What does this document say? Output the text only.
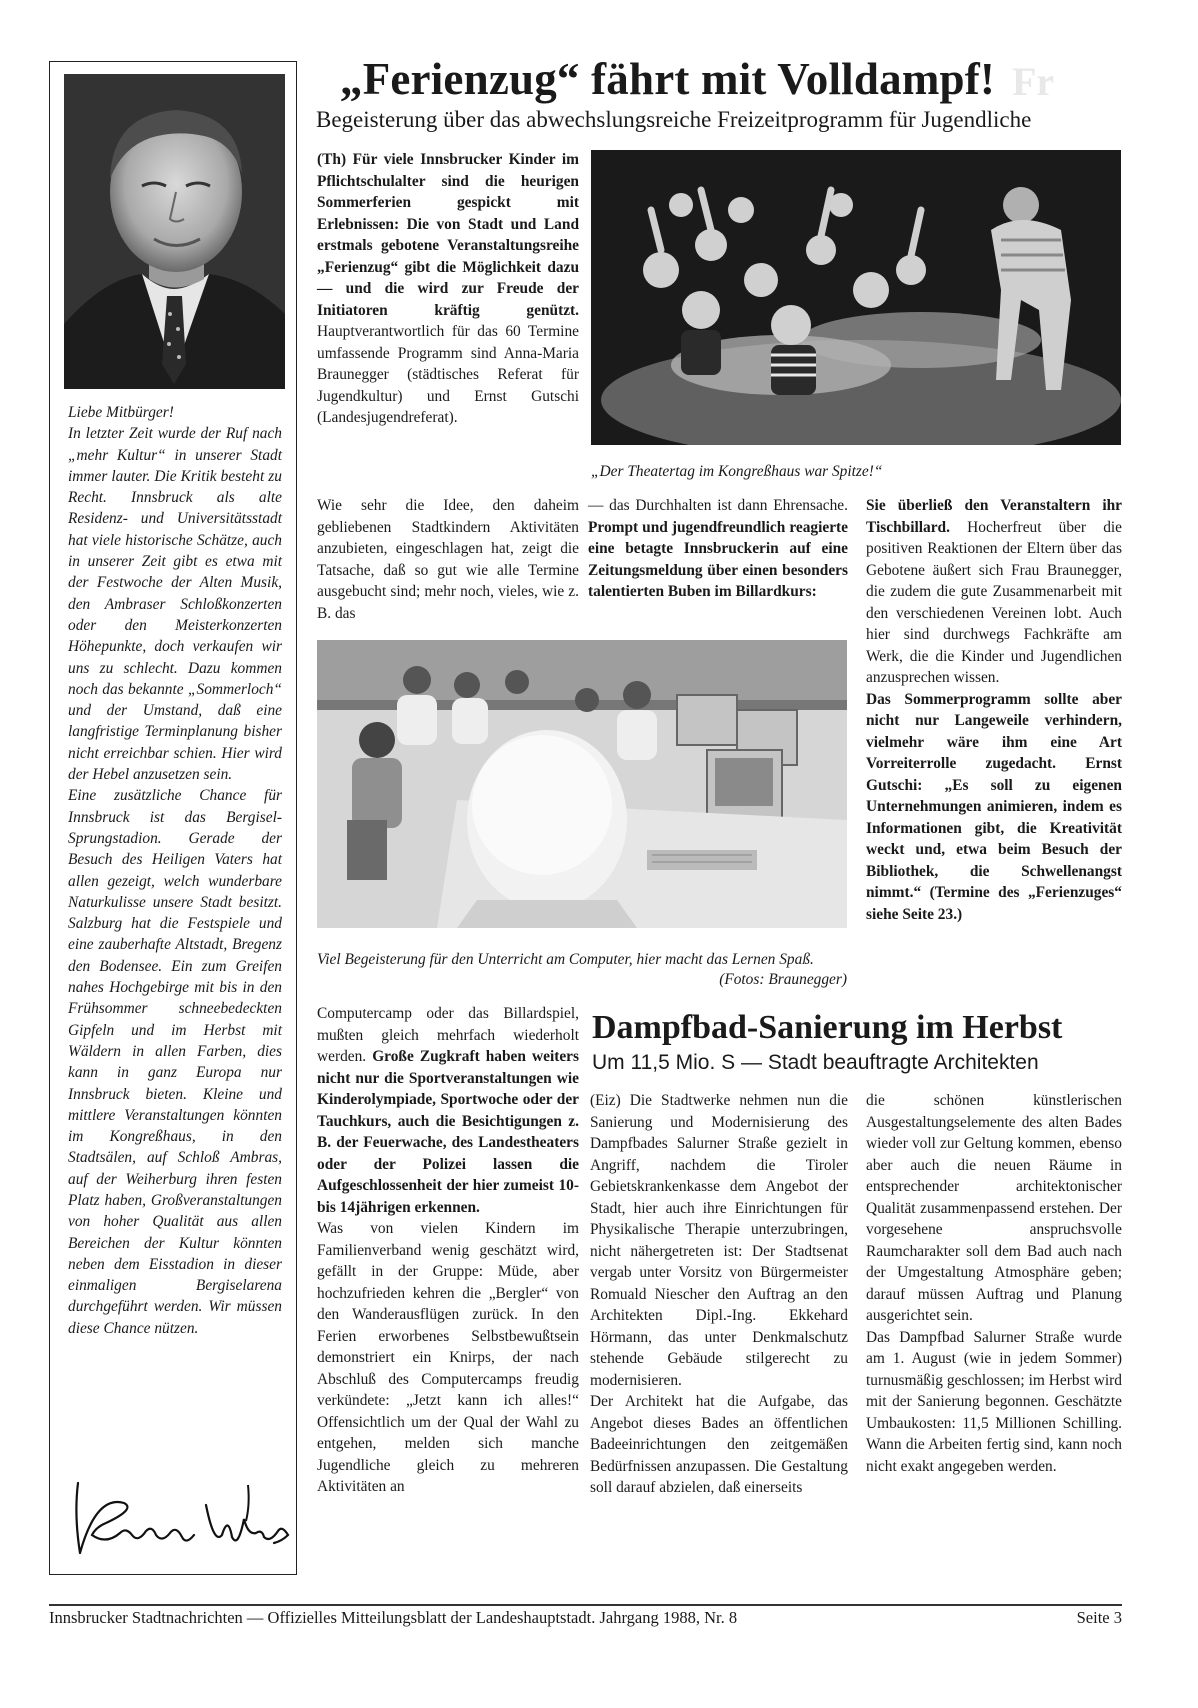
Fr

Liebe Mitbürger!

In letzter Zeit wurde der Ruf nach „mehr Kultur“ in unserer Stadt immer lauter. Die Kritik besteht zu Recht. Innsbruck als alte Residenz- und Universitätsstadt hat viele historische Schätze, auch in unserer Zeit gibt es etwa mit der Festwoche der Alten Musik, den Ambraser Schloßkonzerten oder den Meisterkonzerten Höhepunkte, doch verkaufen wir uns zu schlecht. Dazu kommen noch das bekannte „Sommerloch“ und der Umstand, daß eine langfristige Terminplanung bisher nicht erreichbar schien. Hier wird der Hebel anzusetzen sein.

Eine zusätzliche Chance für Innsbruck ist das Bergisel-Sprungstadion. Gerade der Besuch des Heiligen Vaters hat allen gezeigt, welch wunderbare Naturkulisse unsere Stadt besitzt. Salzburg hat die Festspiele und eine zauberhafte Altstadt, Bregenz den Bodensee. Ein zum Greifen nahes Hochgebirge mit bis in den Frühsommer schneebedeckten Gipfeln und im Herbst mit Wäldern in allen Farben, dies kann in ganz Europa nur Innsbruck bieten. Kleine und mittlere Veranstaltungen könnten im Kongreßhaus, in den Stadtsälen, auf Schloß Ambras, auf der Weiherburg ihren festen Platz haben, Großveranstaltungen von hoher Qualität aus allen Bereichen der Kultur könnten neben dem Eisstadion in dieser einmaligen Bergiselarena durchgeführt werden. Wir müssen diese Chance nützen.

„Ferienzug“ fährt mit Volldampf!
Begeisterung über das abwechslungsreiche Freizeitprogramm für Jugendliche
(Th) Für viele Innsbrucker Kinder im Pflichtschulalter sind die heurigen Sommerferien gespickt mit Erlebnissen: Die von Stadt und Land erstmals gebotene Veranstaltungsreihe „Ferienzug“ gibt die Möglichkeit dazu — und die wird zur Freude der Initiatoren kräftig genützt. Hauptverantwortlich für das 60 Termine umfassende Programm sind Anna-Maria Braunegger (städtisches Referat für Jugendkultur) und Ernst Gutschi (Landesjugendreferat).
„Der Theatertag im Kongreßhaus war Spitze!“
Wie sehr die Idee, den daheim gebliebenen Stadtkindern Aktivitäten anzubieten, eingeschlagen hat, zeigt die Tatsache, daß so gut wie alle Termine ausgebucht sind; mehr noch, vieles, wie z. B. das
— das Durchhalten ist dann Ehrensache. Prompt und jugendfreundlich reagierte eine betagte Innsbruckerin auf eine Zeitungsmeldung über einen besonders talentierten Buben im Billardkurs:

Sie überließ den Veranstaltern ihr Tischbillard. Hocherfreut über die positiven Reaktionen der Eltern über das Gebotene äußert sich Frau Braunegger, die zudem die gute Zusammenarbeit mit den verschiedenen Vereinen lobt. Auch hier sind durchwegs Fachkräfte am Werk, die die Kinder und Jugendlichen anzusprechen wissen.

Das Sommerprogramm sollte aber nicht nur Langeweile verhindern, vielmehr wäre ihm eine Art Vorreiterrolle zugedacht. Ernst Gutschi: „Es soll zu eigenen Unternehmungen animieren, indem es Informationen gibt, die Kreativität weckt und, etwa beim Besuch der Bibliothek, die Schwellenangst nimmt.“ (Termine des „Ferienzuges“ siehe Seite 23.)

Viel Begeisterung für den Unterricht am Computer, hier macht das Lernen Spaß.
(Fotos: Braunegger)

Computercamp oder das Billardspiel, mußten gleich mehrfach wiederholt werden. Große Zugkraft haben weiters nicht nur die Sportveranstaltungen wie Kinderolympiade, Sportwoche oder der Tauchkurs, auch die Besichtigungen z. B. der Feuerwache, des Landestheaters oder der Polizei lassen die Aufgeschlossenheit der hier zumeist 10- bis 14jährigen erkennen.

Was von vielen Kindern im Familienverband wenig geschätzt wird, gefällt in der Gruppe: Müde, aber hochzufrieden kehren die „Bergler“ von den Wanderausflügen zurück. In den Ferien erworbenes Selbstbewußtsein demonstriert ein Knirps, der nach Abschluß des Computercamps freudig verkündete: „Jetzt kann ich alles!“ Offensichtlich um der Qual der Wahl zu entgehen, melden sich manche Jugendliche gleich zu mehreren Aktivitäten an

Dampfbad-Sanierung im Herbst
Um 11,5 Mio. S — Stadt beauftragte Architekten

(Eiz) Die Stadtwerke nehmen nun die Sanierung und Modernisierung des Dampfbades Salurner Straße gezielt in Angriff, nachdem die Tiroler Gebietskrankenkasse dem Angebot der Stadt, hier auch ihre Einrichtungen für Physikalische Therapie unterzubringen, nicht nähergetreten ist: Der Stadtsenat vergab unter Vorsitz von Bürgermeister Romuald Niescher den Auftrag an den Architekten Dipl.-Ing. Ekkehard Hörmann, das unter Denkmalschutz stehende Gebäude stilgerecht zu modernisieren.

Der Architekt hat die Aufgabe, das Angebot dieses Bades an öffentlichen Badeeinrichtungen den zeitgemäßen Bedürfnissen anzupassen. Die Gestaltung soll darauf abzielen, daß einerseits

die schönen künstlerischen Ausgestaltungselemente des alten Bades wieder voll zur Geltung kommen, ebenso aber auch die neuen Räume in entsprechender architektonischer Qualität zusammenpassend erstehen. Der vorgesehene anspruchsvolle Raumcharakter soll dem Bad auch nach der Umgestaltung Atmosphäre geben; darauf müssen Auftrag und Planung ausgerichtet sein.

Das Dampfbad Salurner Straße wurde am 1. August (wie in jedem Sommer) turnusmäßig geschlossen; im Herbst wird mit der Sanierung begonnen. Geschätzte Umbaukosten: 11,5 Millionen Schilling. Wann die Arbeiten fertig sind, kann noch nicht exakt angegeben werden.

Innsbrucker Stadtnachrichten — Offizielles Mitteilungsblatt der Landeshauptstadt. Jahrgang 1988, Nr. 8	Seite 3
